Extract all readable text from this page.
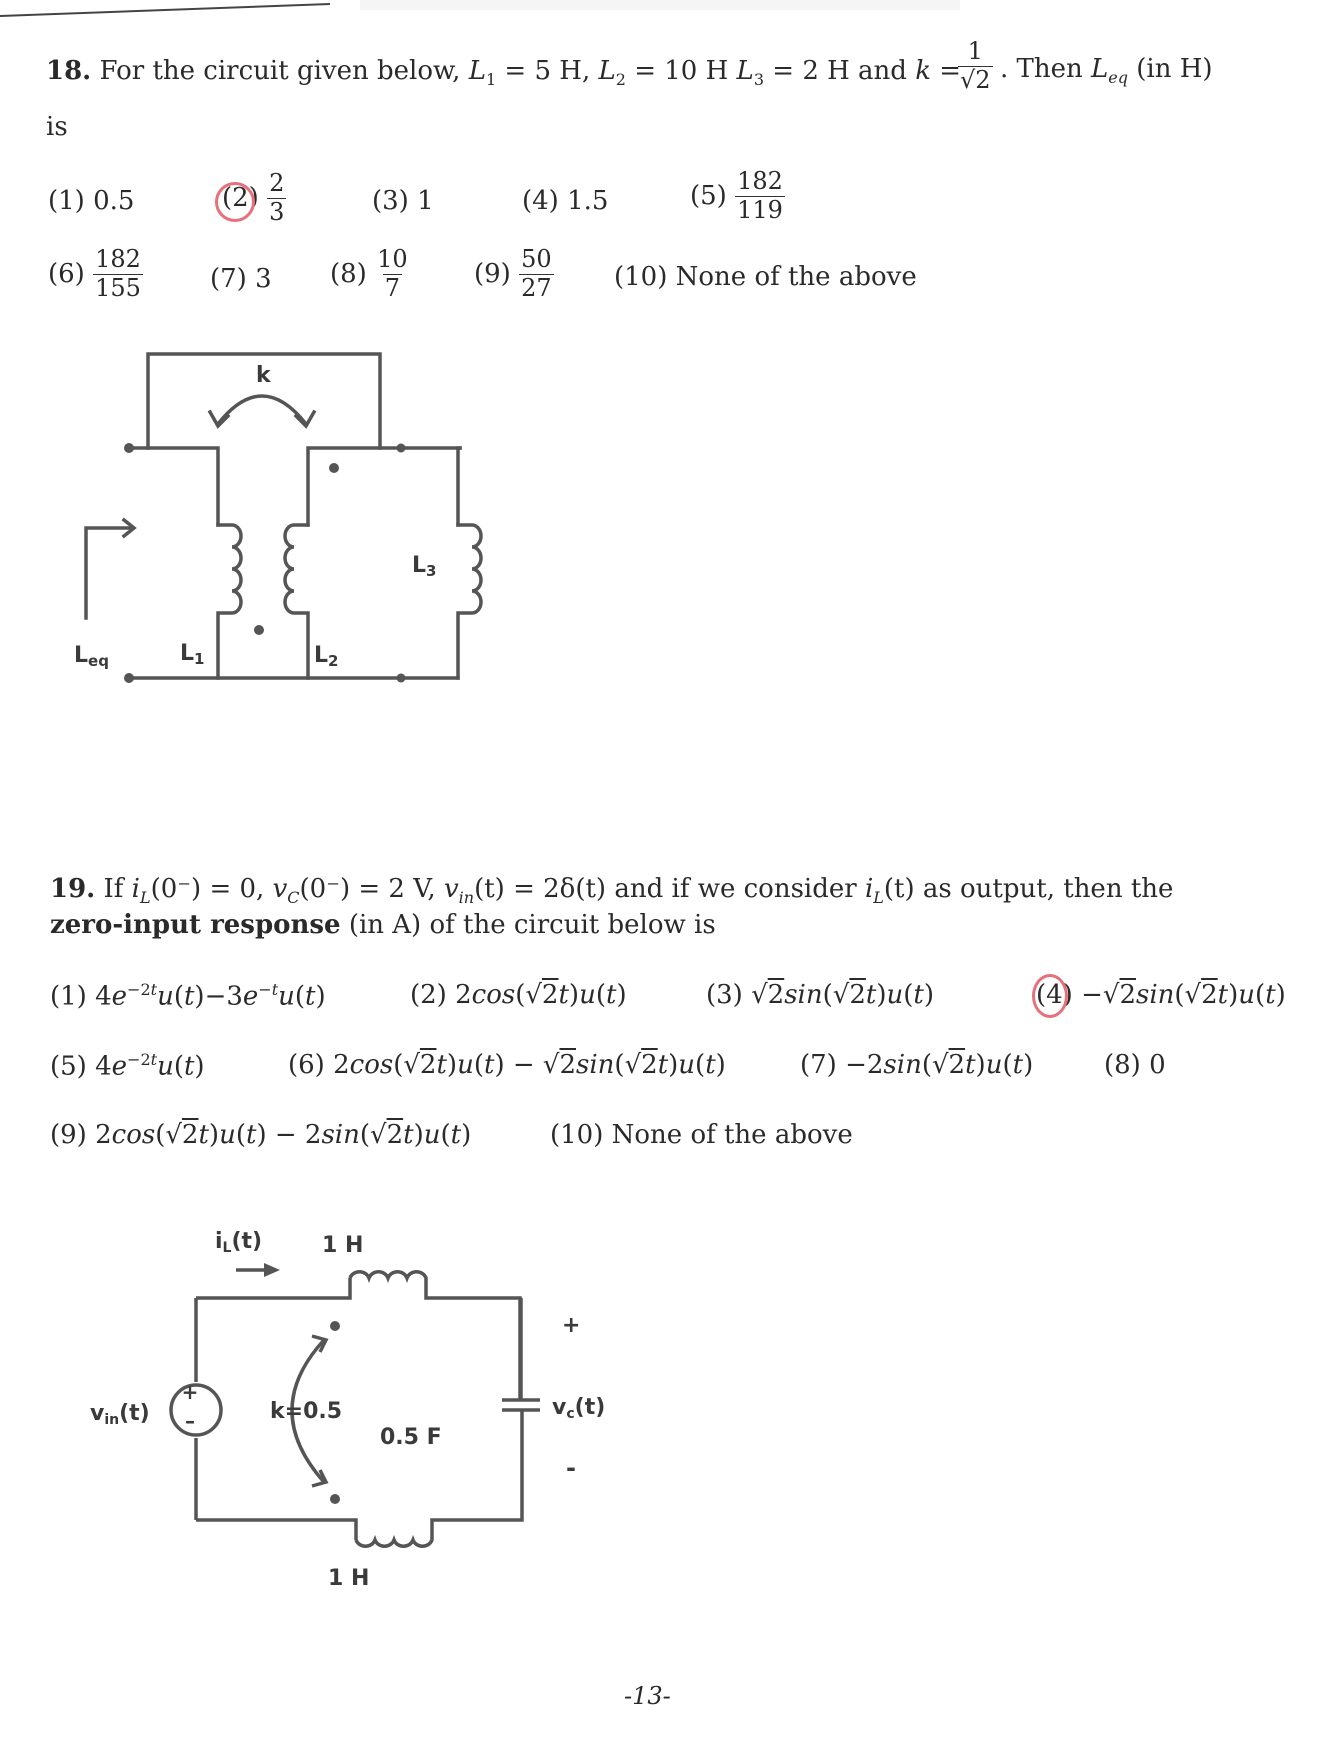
18. For the circuit given below, $L_1 = 5$ H, $L_2 = 10$ H $L_3 = 2$ H and k =
$\frac{1}{√2}$ . Then $L_{eq}$ (in H)
is
(1) 0.5	$(2) \frac{2}{3}$	(3) 1	(4) 1.5	$(5) \frac{182}{119}$
$(6) \frac{182}{155}$	(7) 3 $(8) \frac{10}{7} (9) \frac{50}{27} (10)$ None of the above
k
Leq	L1	L2
L3
19. If $i_L(0^-) = 0$, $v_C(0^-) = 2$ V, $v_{in}(t) = 2\delta(t)$ and if we consider $i_L(t)$ as output, then the
zero-input response (in A) of the circuit below is
(1) $4e^{-2t}u(t)-3e^{-t}u(t)$	(2) 2cos(√2t)u(t)	(3) √2sin(√2t)u(t)	(4) −√2sin(√2t)u(t)
(5) $4e^{-2t}u(t)$	(6) 2cos(√2t)u(t) − √2sin(√2t)u(t)	(7) −2sin(√2t)u(t)	(8) 0
(9) 2cos(√2t)u(t) − 2sin(√2t)u(t)	(10) None of the above
+
–
iL(t)	1 H
1 H
k=0.5
0.5 F
vin(t)	vc(t)
+
-
-13-
